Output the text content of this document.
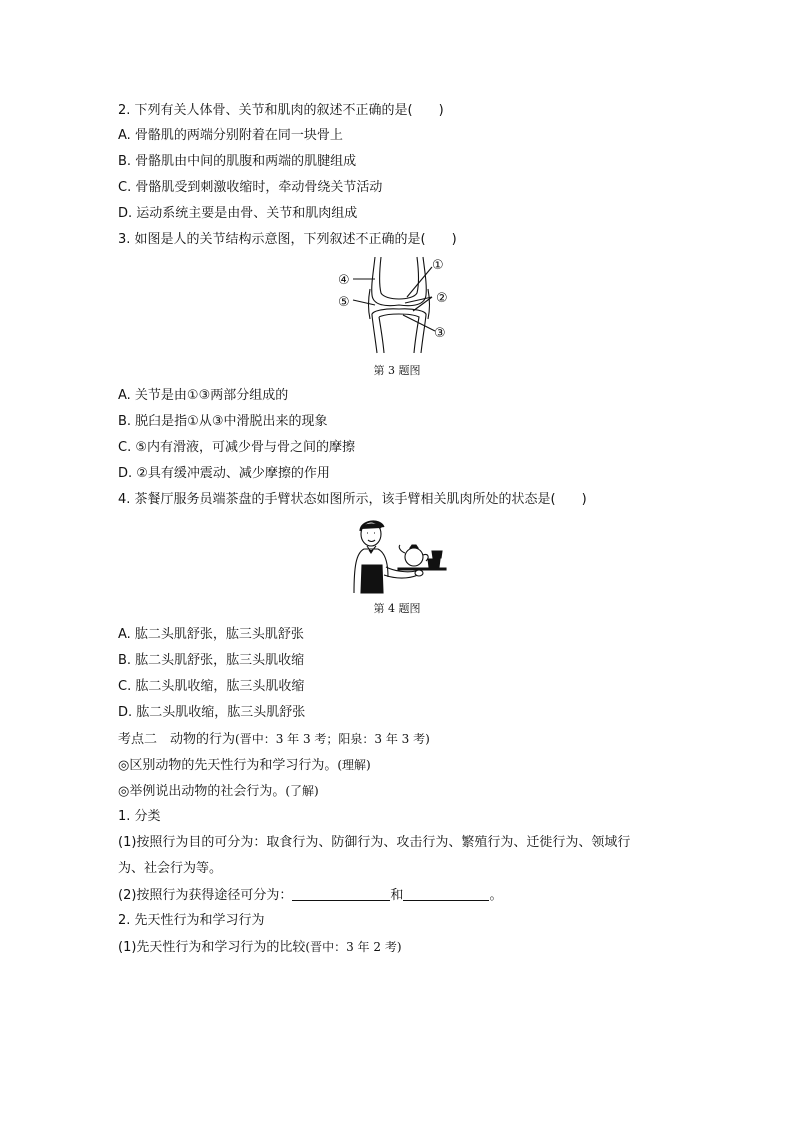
2. 下列有关人体骨、关节和肌肉的叙述不正确的是(　　)
A. 骨骼肌的两端分别附着在同一块骨上
B. 骨骼肌由中间的肌腹和两端的肌腱组成
C. 骨骼肌受到刺激收缩时，牵动骨绕关节活动
D. 运动系统主要是由骨、关节和肌肉组成
3. 如图是人的关节结构示意图，下列叙述不正确的是(　　)
①
②
③
④
⑤
第 3 题图
A. 关节是由①③两部分组成的
B. 脱臼是指①从③中滑脱出来的现象
C. ⑤内有滑液，可减少骨与骨之间的摩擦
D. ②具有缓冲震动、减少摩擦的作用
4. 茶餐厅服务员端茶盘的手臂状态如图所示，该手臂相关肌肉所处的状态是(　　)
第 4 题图
A. 肱二头肌舒张，肱三头肌舒张
B. 肱二头肌舒张，肱三头肌收缩
C. 肱二头肌收缩，肱三头肌收缩
D. 肱二头肌收缩，肱三头肌舒张
考点二　动物的行为(晋中：3 年 3 考；阳泉：3 年 3 考)
◎区别动物的先天性行为和学习行为。(理解)
◎举例说出动物的社会行为。(了解)
1. 分类
(1)按照行为目的可分为：取食行为、防御行为、攻击行为、繁殖行为、迁徙行为、领域行
为、社会行为等。
(2)按照行为获得途径可分为：	和	。
2. 先天性行为和学习行为
(1)先天性行为和学习行为的比较(晋中：3 年 2 考)
